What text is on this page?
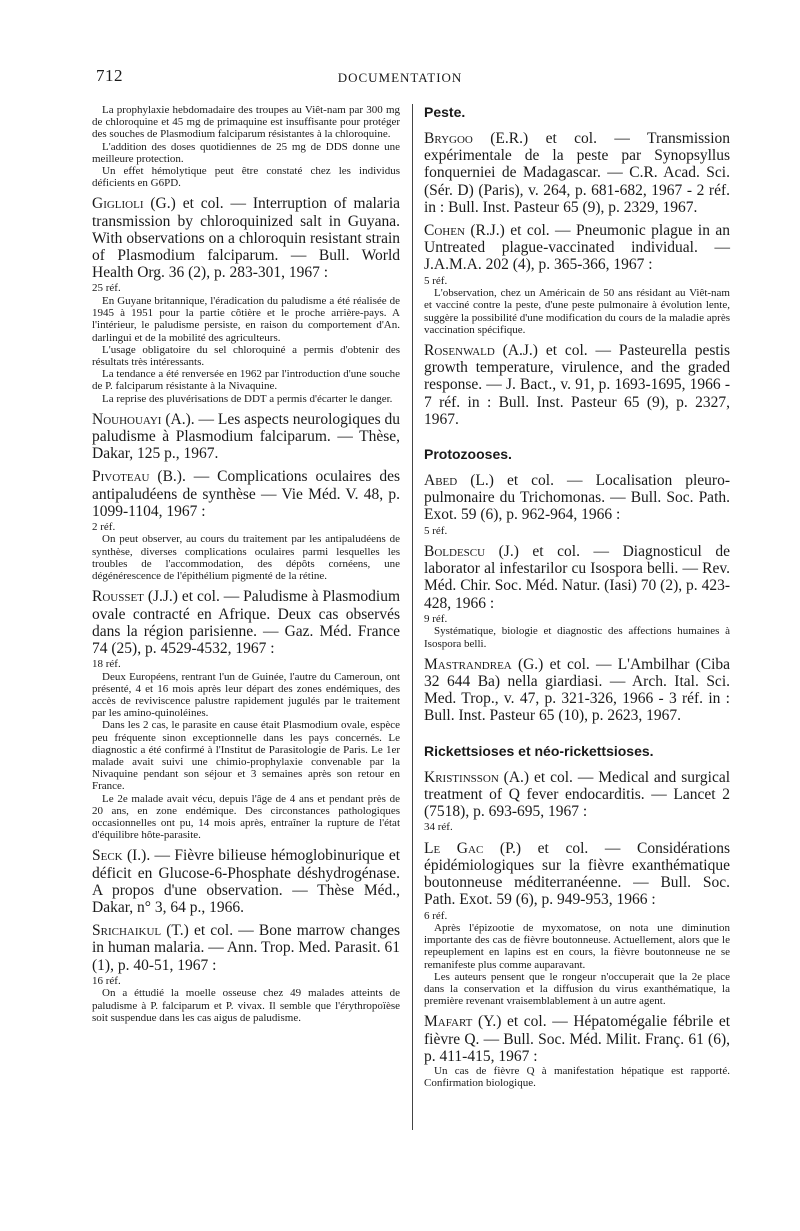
712	DOCUMENTATION

La prophylaxie hebdomadaire des troupes au Viêt-nam par 300 mg de chloroquine et 45 mg de primaquine est insuffisante pour protéger des souches de Plasmodium falciparum résistantes à la chloroquine.

L'addition des doses quotidiennes de 25 mg de DDS donne une meilleure protection.

Un effet hémolytique peut être constaté chez les individus déficients en G6PD.

Giglioli (G.) et col. — Interruption of malaria transmission by chloroquinized salt in Guyana. With observations on a chloroquin resistant strain of Plasmodium falciparum. — Bull. World Health Org. 36 (2), p. 283-301, 1967 :

25 réf.

En Guyane britannique, l'éradication du paludisme a été réalisée de 1945 à 1951 pour la partie côtière et le proche arrière-pays. A l'intérieur, le paludisme persiste, en raison du comportement d'An. darlingui et de la mobilité des agriculteurs.

L'usage obligatoire du sel chloroquiné a permis d'obtenir des résultats très intéressants.

La tendance a été renversée en 1962 par l'introduction d'une souche de P. falciparum résistante à la Nivaquine.

La reprise des pluvérisations de DDT a permis d'écarter le danger.

Nouhouayi (A.). — Les aspects neurologiques du paludisme à Plasmodium falciparum. — Thèse, Dakar, 125 p., 1967.

Pivoteau (B.). — Complications oculaires des antipaludéens de synthèse — Vie Méd. V. 48, p. 1099-1104, 1967 :

2 réf.

On peut observer, au cours du traitement par les antipaludéens de synthèse, diverses complications oculaires parmi lesquelles les troubles de l'accommodation, des dépôts cornéens, une dégénérescence de l'épithélium pigmenté de la rétine.

Rousset (J.J.) et col. — Paludisme à Plasmodium ovale contracté en Afrique. Deux cas observés dans la région parisienne. — Gaz. Méd. France 74 (25), p. 4529-4532, 1967 :

18 réf.

Deux Européens, rentrant l'un de Guinée, l'autre du Cameroun, ont présenté, 4 et 16 mois après leur départ des zones endémiques, des accès de reviviscence palustre rapidement jugulés par le traitement par les amino-quinoléines.

Dans les 2 cas, le parasite en cause était Plasmodium ovale, espèce peu fréquente sinon exceptionnelle dans les pays concernés. Le diagnostic a été confirmé à l'Institut de Parasitologie de Paris. Le 1er malade avait suivi une chimio-prophylaxie convenable par la Nivaquine pendant son séjour et 3 semaines après son retour en France.

Le 2e malade avait vécu, depuis l'âge de 4 ans et pendant près de 20 ans, en zone endémique. Des circonstances pathologiques occasionnelles ont pu, 14 mois après, entraîner la rupture de l'état d'équilibre hôte-parasite.

Seck (I.). — Fièvre bilieuse hémoglobinurique et déficit en Glucose-6-Phosphate déshydrogénase. A propos d'une observation. — Thèse Méd., Dakar, n° 3, 64 p., 1966.

Srichaikul (T.) et col. — Bone marrow changes in human malaria. — Ann. Trop. Med. Parasit. 61 (1), p. 40-51, 1967 :

16 réf.

On a éttudié la moelle osseuse chez 49 malades atteints de paludisme à P. falciparum et P. vivax. Il semble que l'érythropoïèse soit suspendue dans les cas aigus de paludisme.

Peste.

Brygoo (E.R.) et col. — Transmission expérimentale de la peste par Synopsyllus fonquerniei de Madagascar. — C.R. Acad. Sci. (Sér. D) (Paris), v. 264, p. 681-682, 1967 - 2 réf. in : Bull. Inst. Pasteur 65 (9), p. 2329, 1967.

Cohen (R.J.) et col. — Pneumonic plague in an Untreated plague-vaccinated individual. — J.A.M.A. 202 (4), p. 365-366, 1967 :

5 réf.

L'observation, chez un Américain de 50 ans résidant au Viêt-nam et vacciné contre la peste, d'une peste pulmonaire à évolution lente, suggère la possibilité d'une modification du cours de la maladie après vaccination spécifique.

Rosenwald (A.J.) et col. — Pasteurella pestis growth temperature, virulence, and the graded response. — J. Bact., v. 91, p. 1693-1695, 1966 - 7 réf. in : Bull. Inst. Pasteur 65 (9), p. 2327, 1967.

Protozooses.

Abed (L.) et col. — Localisation pleuro-pulmonaire du Trichomonas. — Bull. Soc. Path. Exot. 59 (6), p. 962-964, 1966 :

5 réf.

Boldescu (J.) et col. — Diagnosticul de laborator al infestarilor cu Isospora belli. — Rev. Méd. Chir. Soc. Méd. Natur. (Iasi) 70 (2), p. 423-428, 1966 :

9 réf.

Systématique, biologie et diagnostic des affections humaines à Isospora belli.

Mastrandrea (G.) et col. — L'Ambilhar (Ciba 32 644 Ba) nella giardiasi. — Arch. Ital. Sci. Med. Trop., v. 47, p. 321-326, 1966 - 3 réf. in : Bull. Inst. Pasteur 65 (10), p. 2623, 1967.

Rickettsioses et néo-rickettsioses.

Kristinsson (A.) et col. — Medical and surgical treatment of Q fever endocarditis. — Lancet 2 (7518), p. 693-695, 1967 :

34 réf.

Le Gac (P.) et col. — Considérations épidémiologiques sur la fièvre exanthématique boutonneuse méditerranéenne. — Bull. Soc. Path. Exot. 59 (6), p. 949-953, 1966 :

6 réf.

Après l'épizootie de myxomatose, on nota une diminution importante des cas de fièvre boutonneuse. Actuellement, alors que le repeuplement en lapins est en cours, la fièvre boutonneuse ne se remanifeste plus comme auparavant.

Les auteurs pensent que le rongeur n'occuperait que la 2e place dans la conservation et la diffusion du virus exanthématique, la première revenant vraisemblablement à un autre agent.

Mafart (Y.) et col. — Hépatomégalie fébrile et fièvre Q. — Bull. Soc. Méd. Milit. Franç. 61 (6), p. 411-415, 1967 :

Un cas de fièvre Q à manifestation hépatique est rapporté. Confirmation biologique.
